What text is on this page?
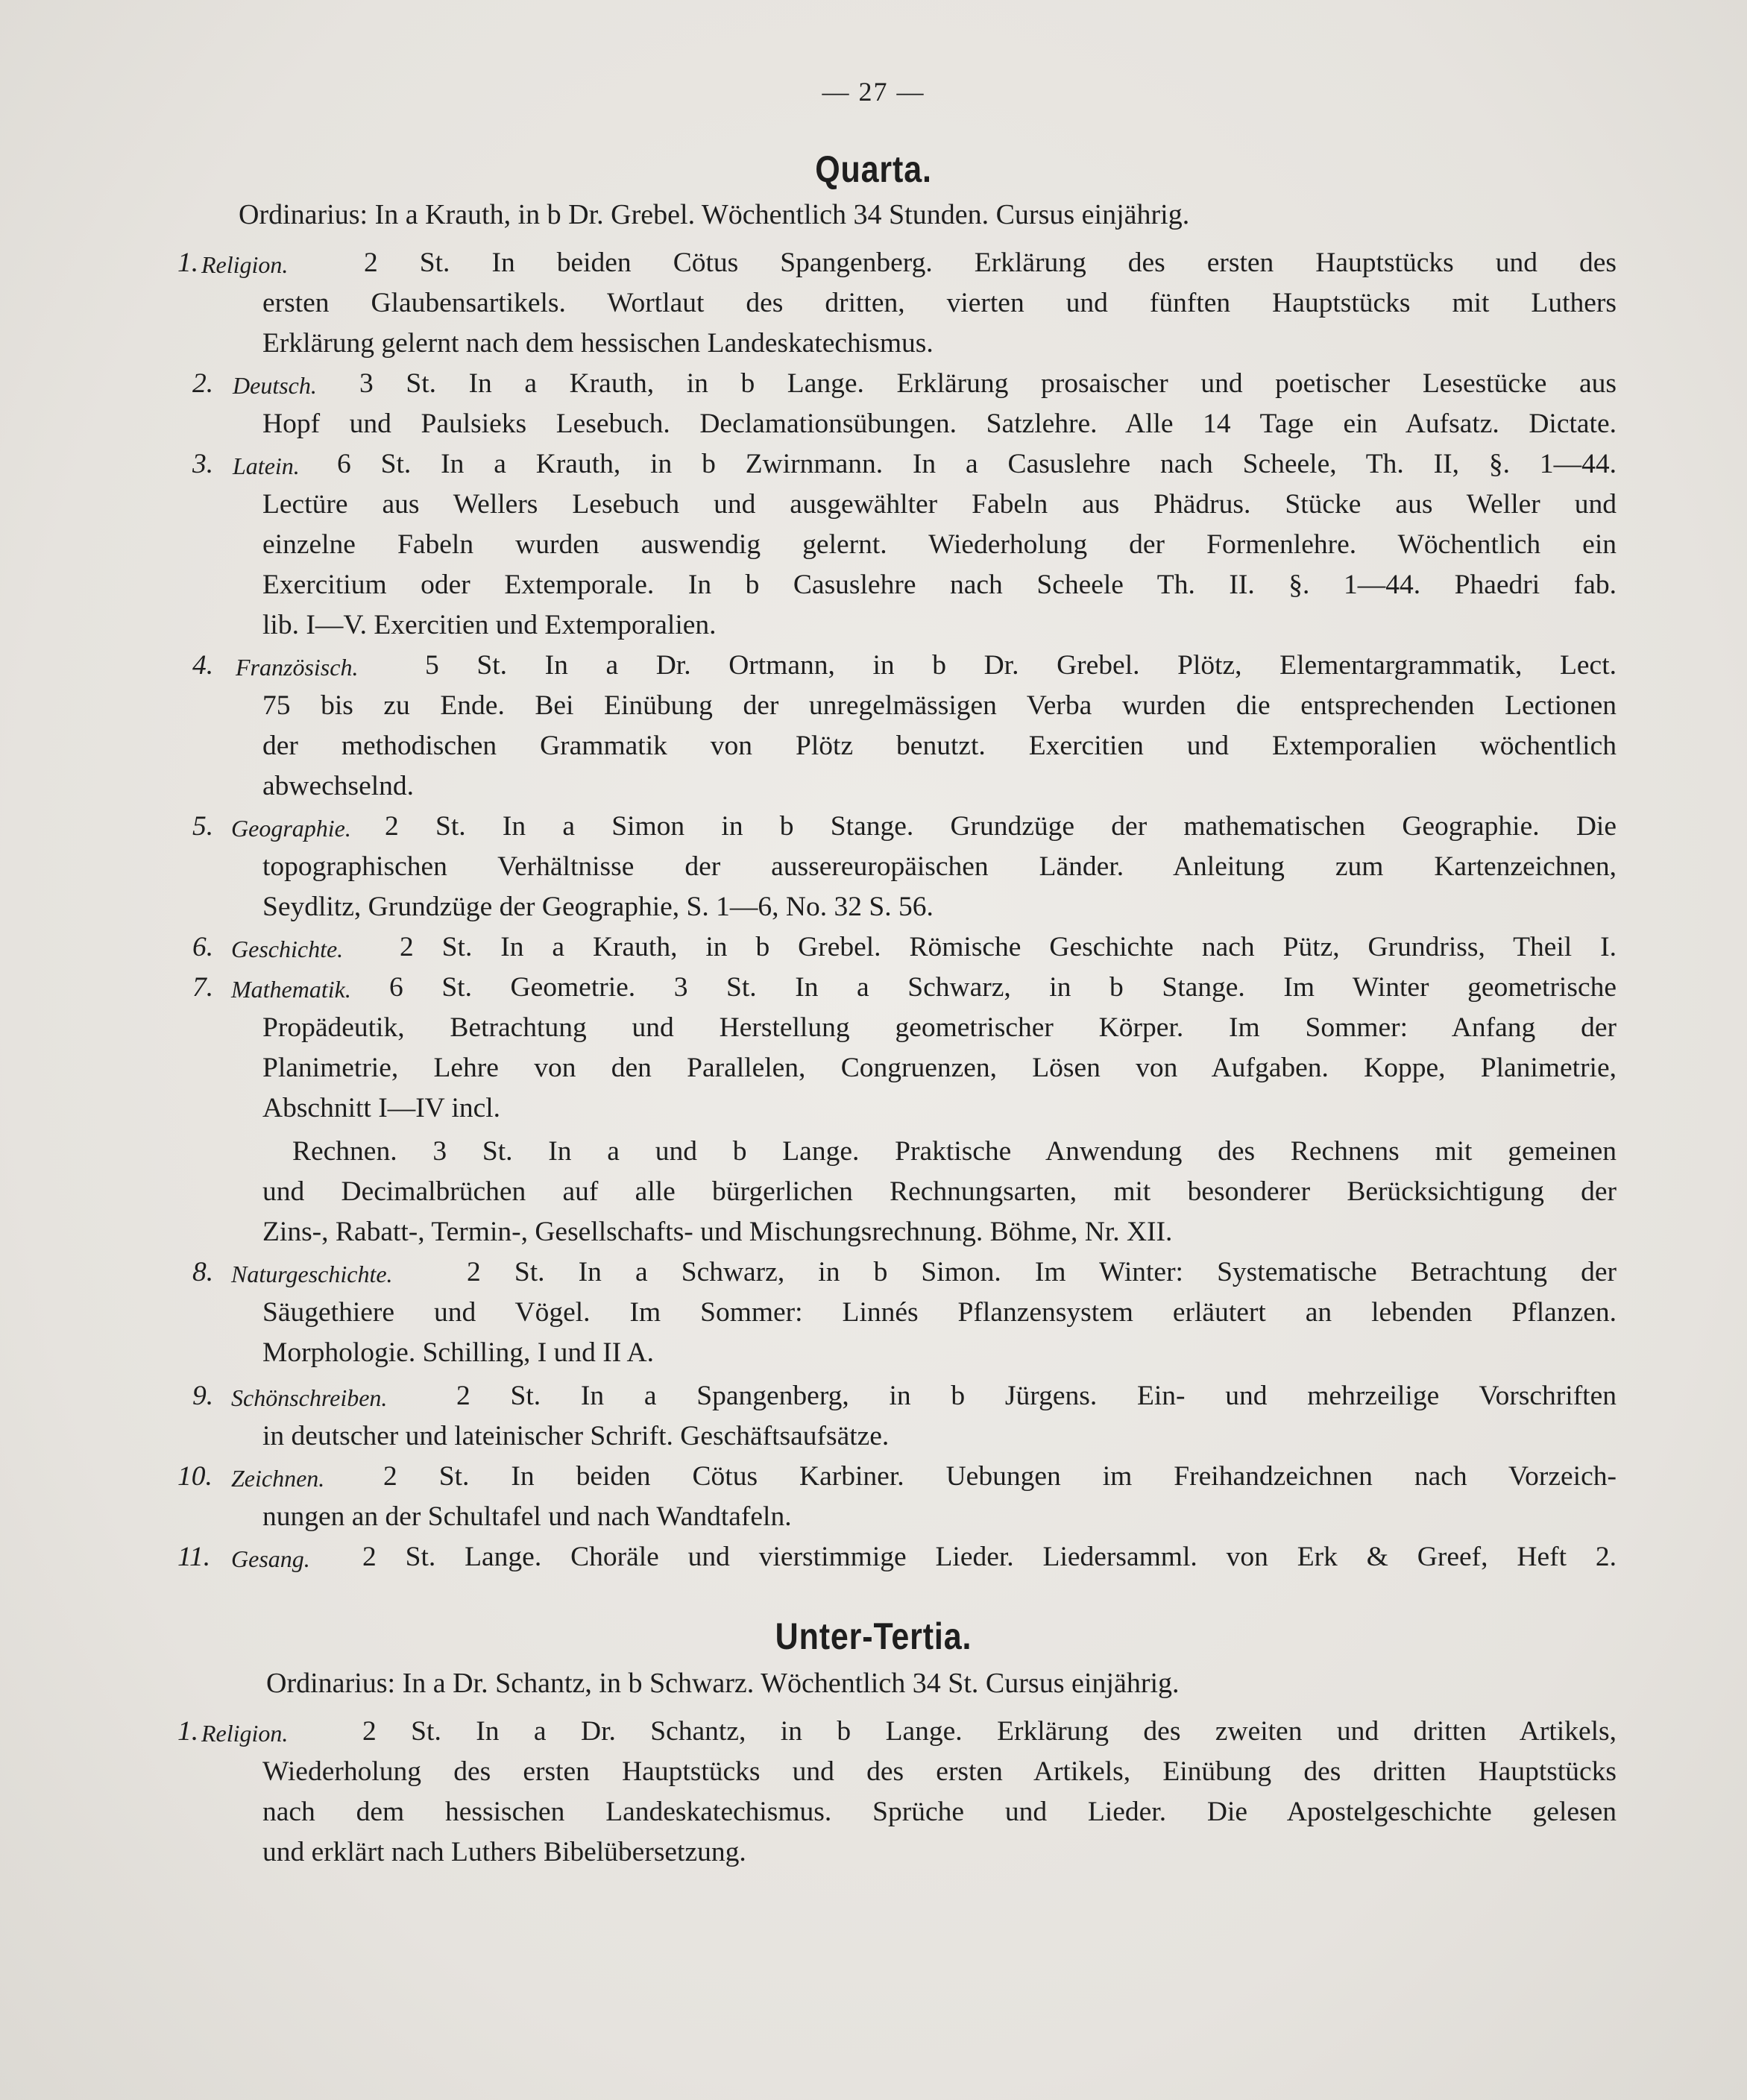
— 27 —
Quarta.
Ordinarius: In a Krauth, in b Dr. Grebel. Wöchentlich 34 Stunden. Cursus einjährig.
1. Religion.	2 St. In beiden Cötus Spangenberg. Erklärung des ersten Hauptstücks und des
ersten Glaubensartikels. Wortlaut des dritten, vierten und fünften Hauptstücks mit Luthers
Erklärung gelernt nach dem hessischen Landeskatechismus.
2. Deutsch. 3 St. In a Krauth, in b Lange. Erklärung prosaischer und poetischer Lesestücke aus
Hopf und Paulsieks Lesebuch. Declamationsübungen. Satzlehre. Alle 14 Tage ein Aufsatz. Dictate.
3. Latein. 6 St. In a Krauth, in b Zwirnmann. In a Casuslehre nach Scheele, Th. II, §. 1—44.
Lectüre aus Wellers Lesebuch und ausgewählter Fabeln aus Phädrus. Stücke aus Weller und
einzelne Fabeln wurden auswendig gelernt. Wiederholung der Formenlehre. Wöchentlich ein
Exercitium oder Extemporale. In b Casuslehre nach Scheele Th. II. §. 1—44. Phaedri fab.
lib. I—V. Exercitien und Extemporalien.
4. Französisch. 5 St. In a Dr. Ortmann, in b Dr. Grebel. Plötz, Elementargrammatik, Lect.
75 bis zu Ende. Bei Einübung der unregelmässigen Verba wurden die entsprechenden Lectionen
der methodischen Grammatik von Plötz benutzt. Exercitien und Extemporalien wöchentlich
abwechselnd.
5. Geographie. 2 St. In a Simon in b Stange. Grundzüge der mathematischen Geographie. Die
topographischen Verhältnisse der aussereuropäischen Länder. Anleitung zum Kartenzeichnen,
Seydlitz, Grundzüge der Geographie, S. 1—6, No. 32 S. 56.
6. Geschichte. 2 St. In a Krauth, in b Grebel. Römische Geschichte nach Pütz, Grundriss, Theil I.
7. Mathematik. 6 St. Geometrie. 3 St. In a Schwarz, in b Stange. Im Winter geometrische
Propädeutik, Betrachtung und Herstellung geometrischer Körper. Im Sommer: Anfang der
Planimetrie, Lehre von den Parallelen, Congruenzen, Lösen von Aufgaben. Koppe, Planimetrie,
Abschnitt I—IV incl.
Rechnen. 3 St. In a und b Lange. Praktische Anwendung des Rechnens mit gemeinen
und Decimalbrüchen auf alle bürgerlichen Rechnungsarten, mit besonderer Berücksichtigung der
Zins-, Rabatt-, Termin-, Gesellschafts- und Mischungsrechnung. Böhme, Nr. XII.
8. Naturgeschichte.	2 St. In a Schwarz, in b Simon. Im Winter: Systematische Betrachtung der
Säugethiere und Vögel. Im Sommer: Linnés Pflanzensystem erläutert an lebenden Pflanzen.
Morphologie. Schilling, I und II A.
9. Schönschreiben. 2 St. In a Spangenberg, in b Jürgens. Ein- und mehrzeilige Vorschriften
in deutscher und lateinischer Schrift. Geschäftsaufsätze.
10. Zeichnen. 2 St. In beiden Cötus Karbiner. Uebungen im Freihandzeichnen nach Vorzeich-
nungen an der Schultafel und nach Wandtafeln.
11. Gesang. 2 St. Lange. Choräle und vierstimmige Lieder. Liedersamml. von Erk & Greef, Heft 2.
Unter-Tertia.
Ordinarius: In a Dr. Schantz, in b Schwarz. Wöchentlich 34 St. Cursus einjährig.
1. Religion.	2 St. In a Dr. Schantz, in b Lange. Erklärung des zweiten und dritten Artikels,
Wiederholung des ersten Hauptstücks und des ersten Artikels, Einübung des dritten Hauptstücks
nach dem hessischen Landeskatechismus. Sprüche und Lieder. Die Apostelgeschichte gelesen
und erklärt nach Luthers Bibelübersetzung.
